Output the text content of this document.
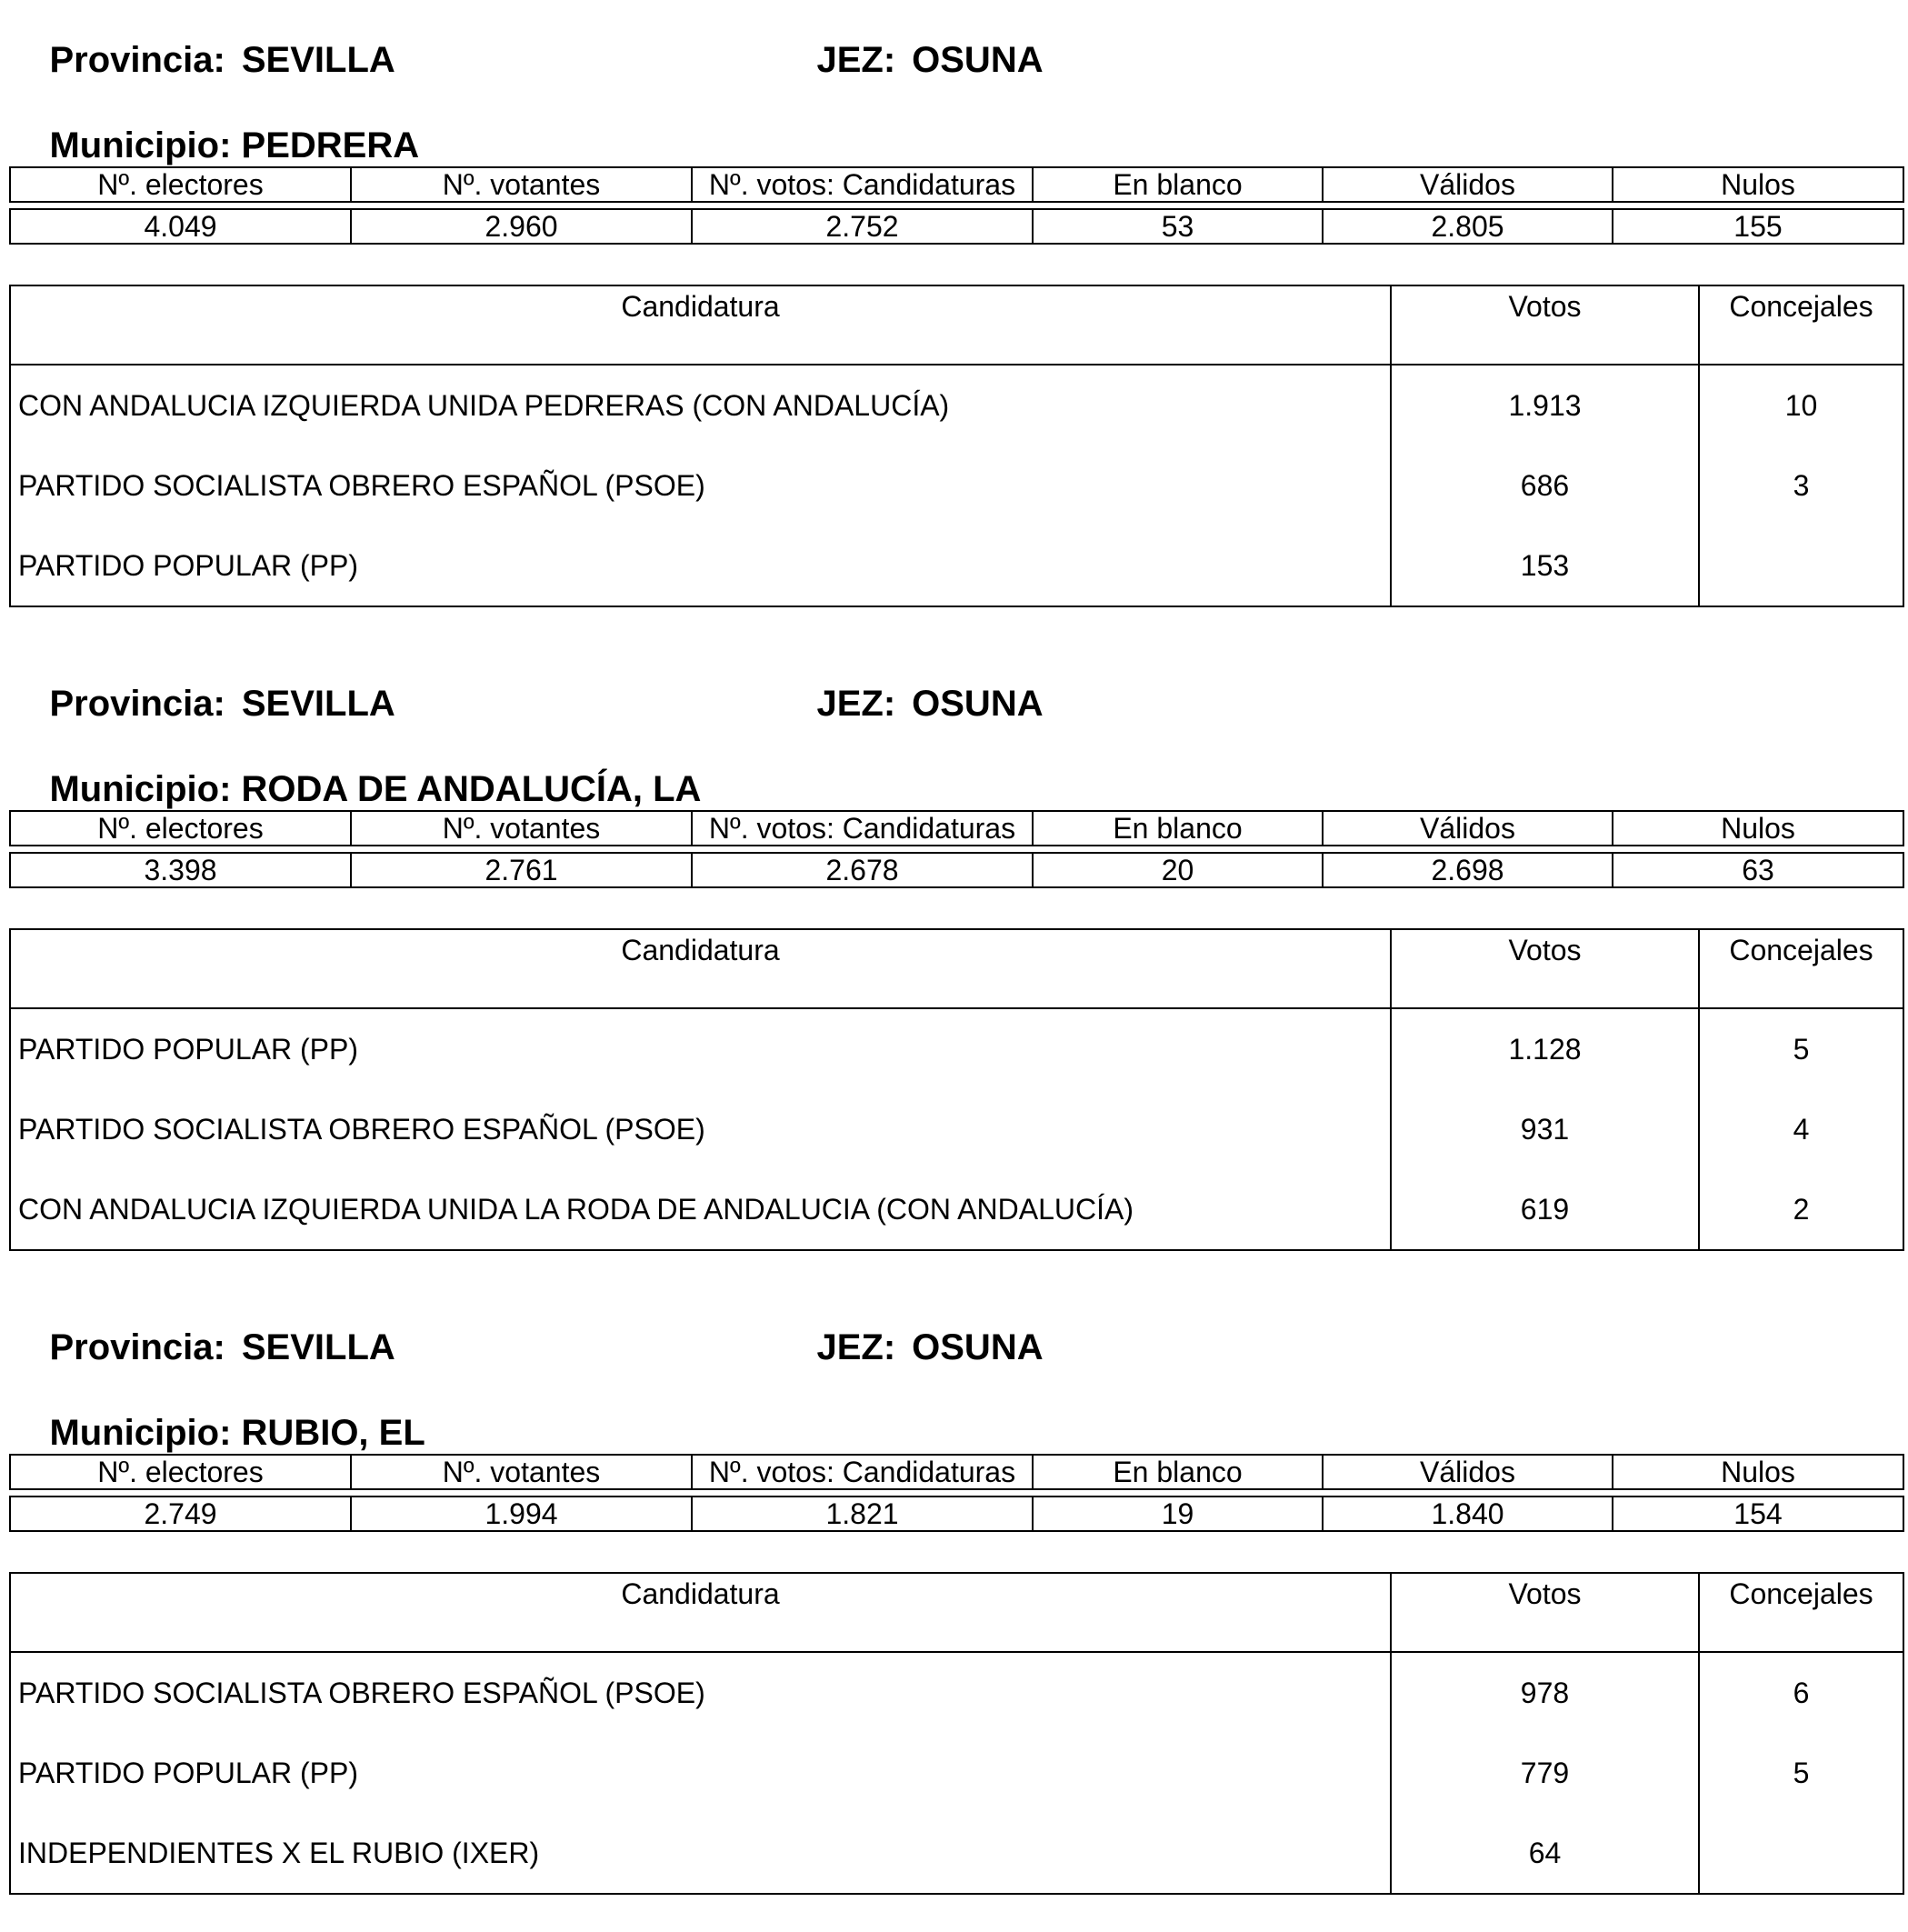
Provincia: SEVILLA
	JEZ: OSUNA

Municipio: PEDRERA

Nº. electores	Nº. votantes	Nº. votos: Candidaturas	En blanco	Válidos	Nulos

4.049	2.960	2.752	53	2.805	155
Candidatura	Votos	Concejales
CON ANDALUCIA IZQUIERDA UNIDA PEDRERAS (CON ANDALUCÍA)	1.913	10
PARTIDO SOCIALISTA OBRERO ESPAÑOL (PSOE)	686	3
PARTIDO POPULAR (PP)	153	

Provincia: SEVILLA
	JEZ: OSUNA

Municipio: RODA DE ANDALUCÍA, LA

Nº. electores	Nº. votantes	Nº. votos: Candidaturas	En blanco	Válidos	Nulos

3.398	2.761	2.678	20	2.698	63
Candidatura	Votos	Concejales
PARTIDO POPULAR (PP)	1.128	5
PARTIDO SOCIALISTA OBRERO ESPAÑOL (PSOE)	931	4
CON ANDALUCIA IZQUIERDA UNIDA LA RODA DE ANDALUCIA (CON ANDALUCÍA)	619	2

Provincia: SEVILLA
	JEZ: OSUNA

Municipio: RUBIO, EL

Nº. electores	Nº. votantes	Nº. votos: Candidaturas	En blanco	Válidos	Nulos

2.749	1.994	1.821	19	1.840	154
Candidatura	Votos	Concejales
PARTIDO SOCIALISTA OBRERO ESPAÑOL (PSOE)	978	6
PARTIDO POPULAR (PP)	779	5
INDEPENDIENTES X EL RUBIO (IXER)	64	
